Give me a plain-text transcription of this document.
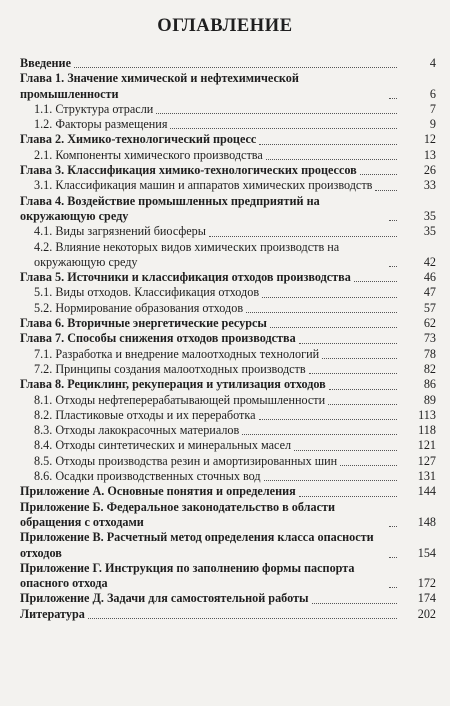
ОГЛАВЛЕНИЕ
Введение	4
Глава 1. Значение химической и нефтехимической промышленности	6
1.1. Структура отрасли	7
1.2. Факторы размещения	9
Глава 2. Химико-технологический процесс	12
2.1. Компоненты химического производства	13
Глава 3. Классификация химико-технологических процессов	26
3.1. Классификация машин и аппаратов химических производств	33
Глава 4. Воздействие промышленных предприятий на окружающую среду	35
4.1. Виды загрязнений биосферы	35
4.2. Влияние некоторых видов химических производств на окружающую среду	42
Глава 5. Источники и классификация отходов производства	46
5.1. Виды отходов. Классификация отходов	47
5.2. Нормирование образования отходов	57
Глава 6. Вторичные энергетические ресурсы	62
Глава 7. Способы снижения отходов производства	73
7.1. Разработка и внедрение малоотходных технологий	78
7.2. Принципы создания малоотходных производств	82
Глава 8. Рециклинг, рекуперация и утилизация отходов	86
8.1. Отходы нефтеперерабатывающей промышленности	89
8.2. Пластиковые отходы и их переработка	113
8.3. Отходы лакокрасочных материалов	118
8.4. Отходы синтетических и минеральных масел	121
8.5. Отходы производства резин и амортизированных шин	127
8.6. Осадки производственных сточных вод	131
Приложение А. Основные понятия и определения	144
Приложение Б. Федеральное законодательство в области обращения с отходами	148
Приложение В. Расчетный метод определения класса опасности отходов	154
Приложение Г. Инструкция по заполнению формы паспорта опасного отхода	172
Приложение Д. Задачи для самостоятельной работы	174
Литература	202
